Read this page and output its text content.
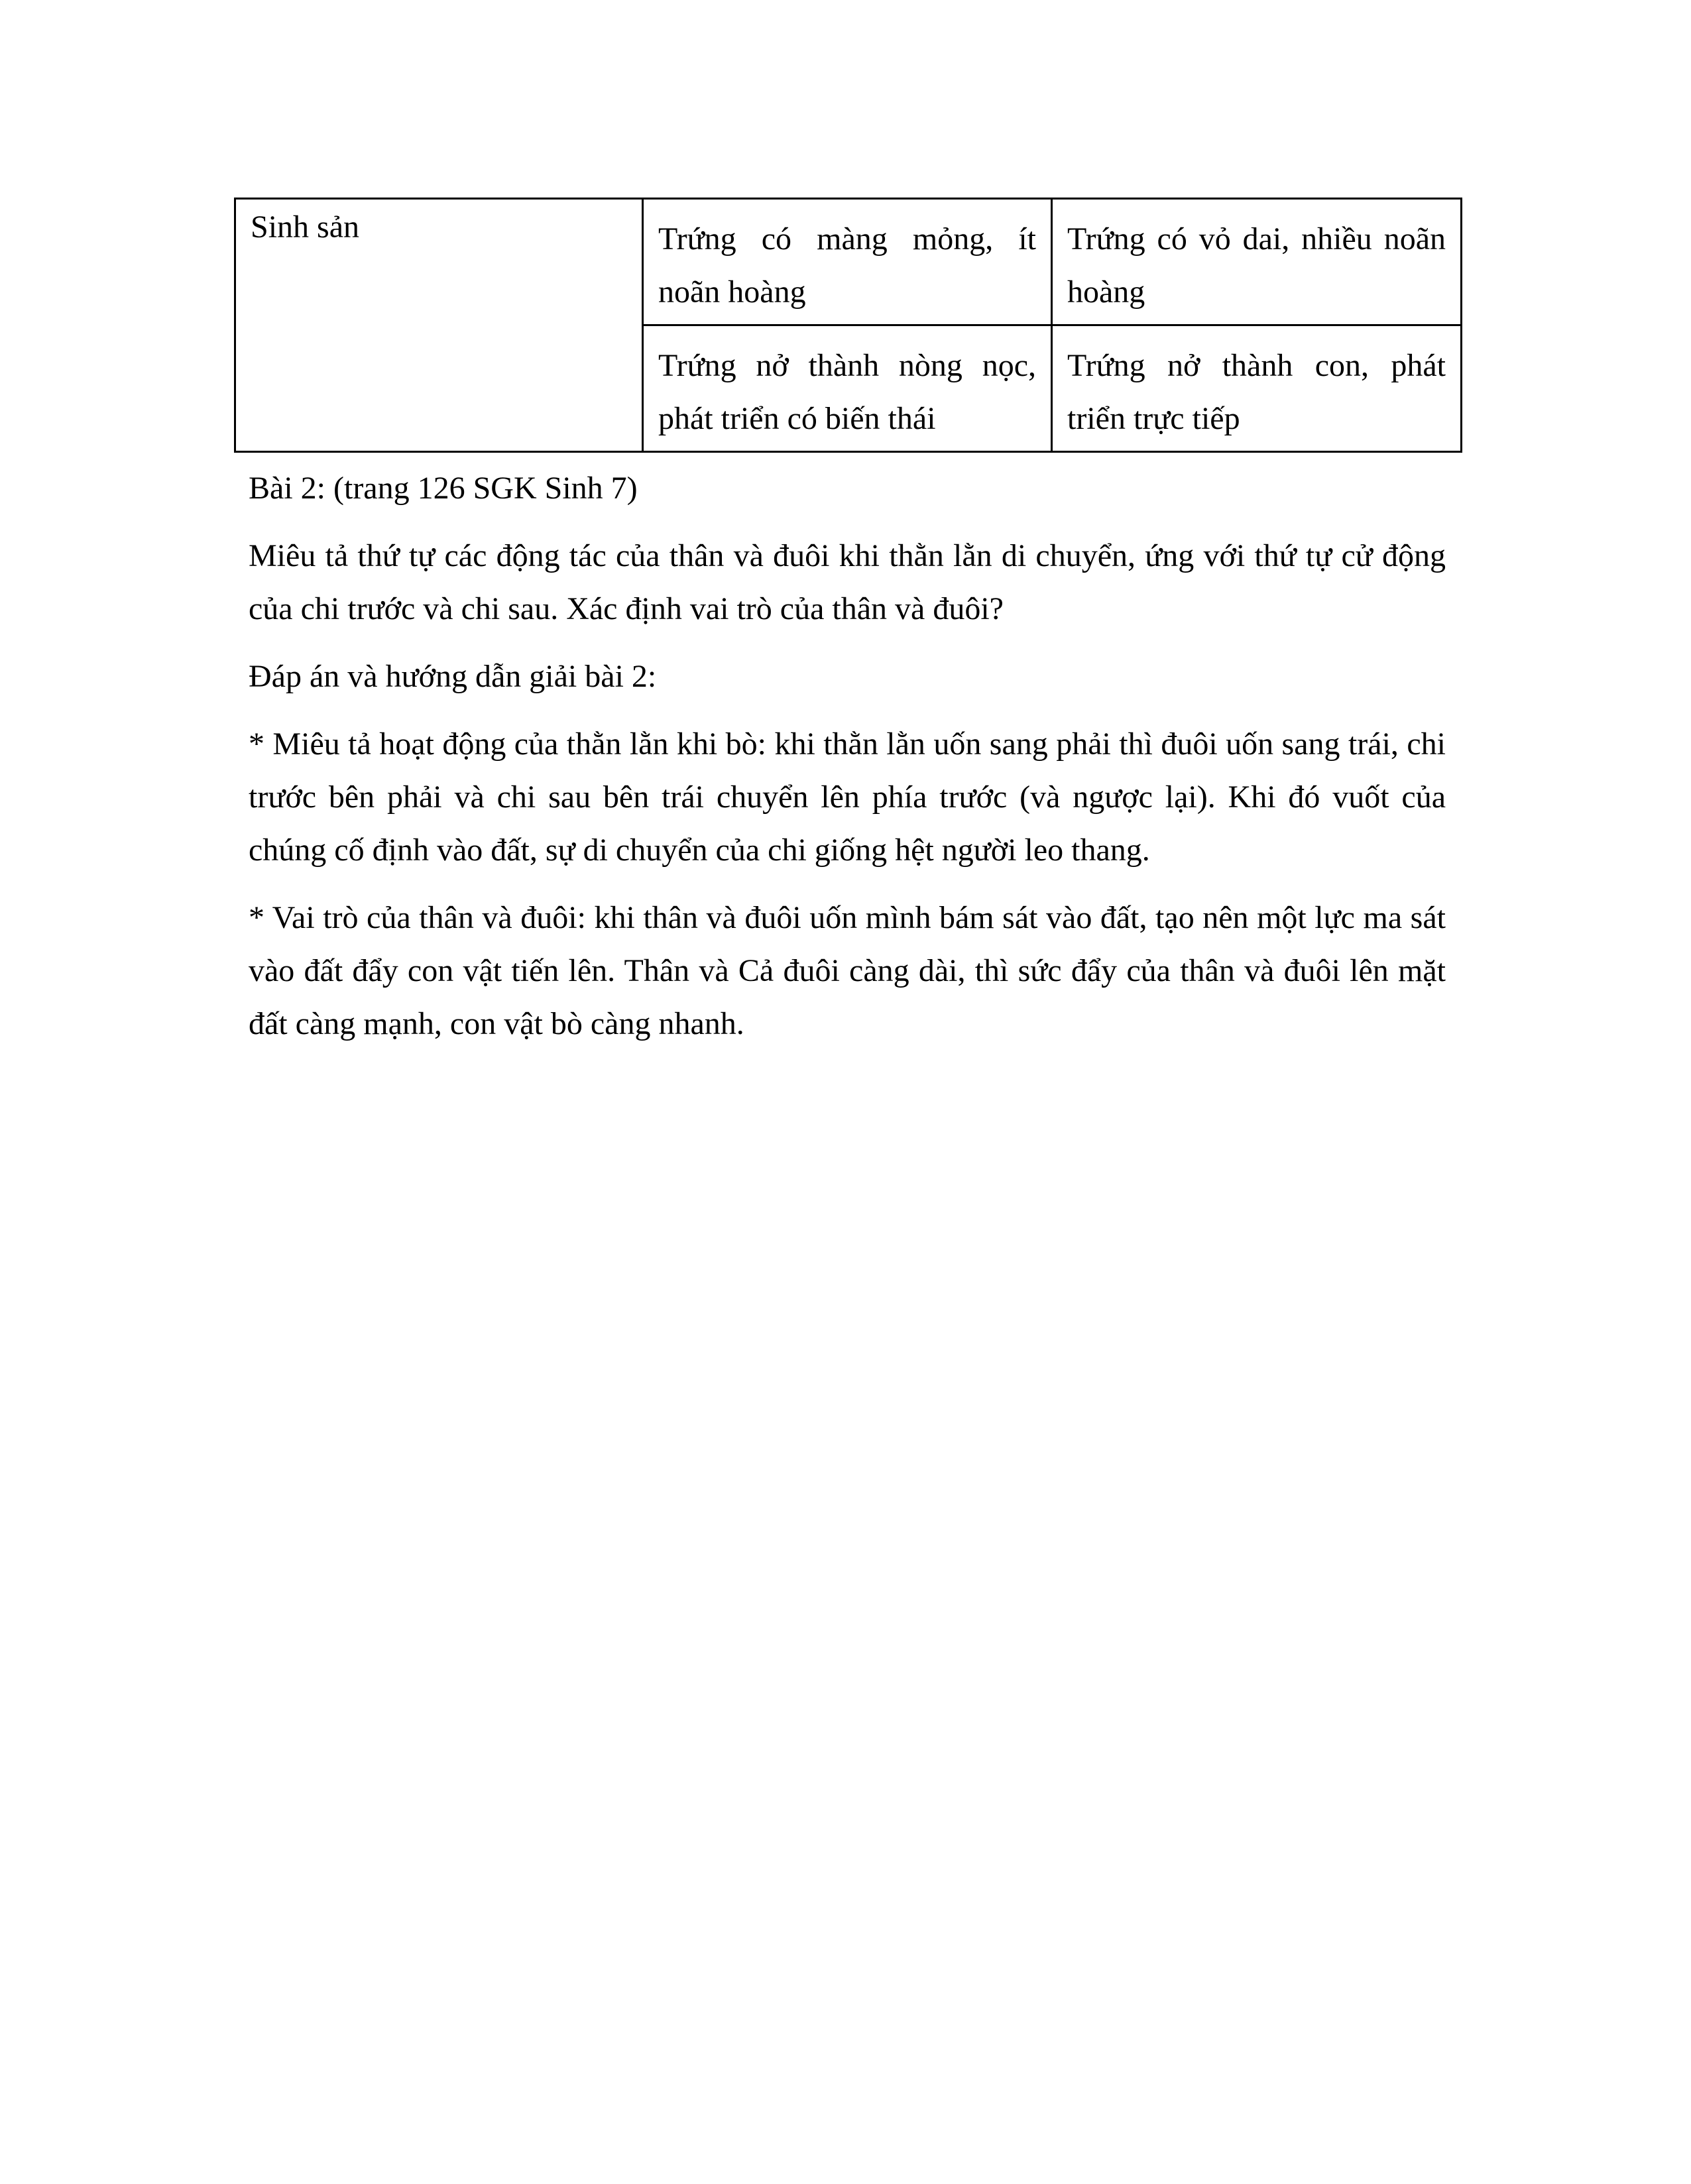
Sinh sản	Trứng có màng mỏng, ít noãn hoàng	Trứng có vỏ dai, nhiều noãn hoàng
	Trứng nở thành nòng nọc, phát triển có biến thái	Trứng nở thành con, phát triển trực tiếp

Bài 2: (trang 126 SGK Sinh 7)

Miêu tả thứ tự các động tác của thân và đuôi khi thằn lằn di chuyển, ứng với thứ tự cử động của chi trước và chi sau. Xác định vai trò của thân và đuôi?

Đáp án và hướng dẫn giải bài 2:

* Miêu tả hoạt động của thằn lằn khi bò: khi thằn lằn uốn sang phải thì đuôi uốn sang trái, chi trước bên phải và chi sau bên trái chuyển lên phía trước (và ngược lại). Khi đó vuốt của chúng cố định vào đất, sự di chuyển của chi giống hệt người leo thang.

* Vai trò của thân và đuôi: khi thân và đuôi uốn mình bám sát vào đất, tạo nên một lực ma sát vào đất đẩy con vật tiến lên. Thân và Cả đuôi càng dài, thì sức đẩy của thân và đuôi lên mặt đất càng mạnh, con vật bò càng nhanh.
